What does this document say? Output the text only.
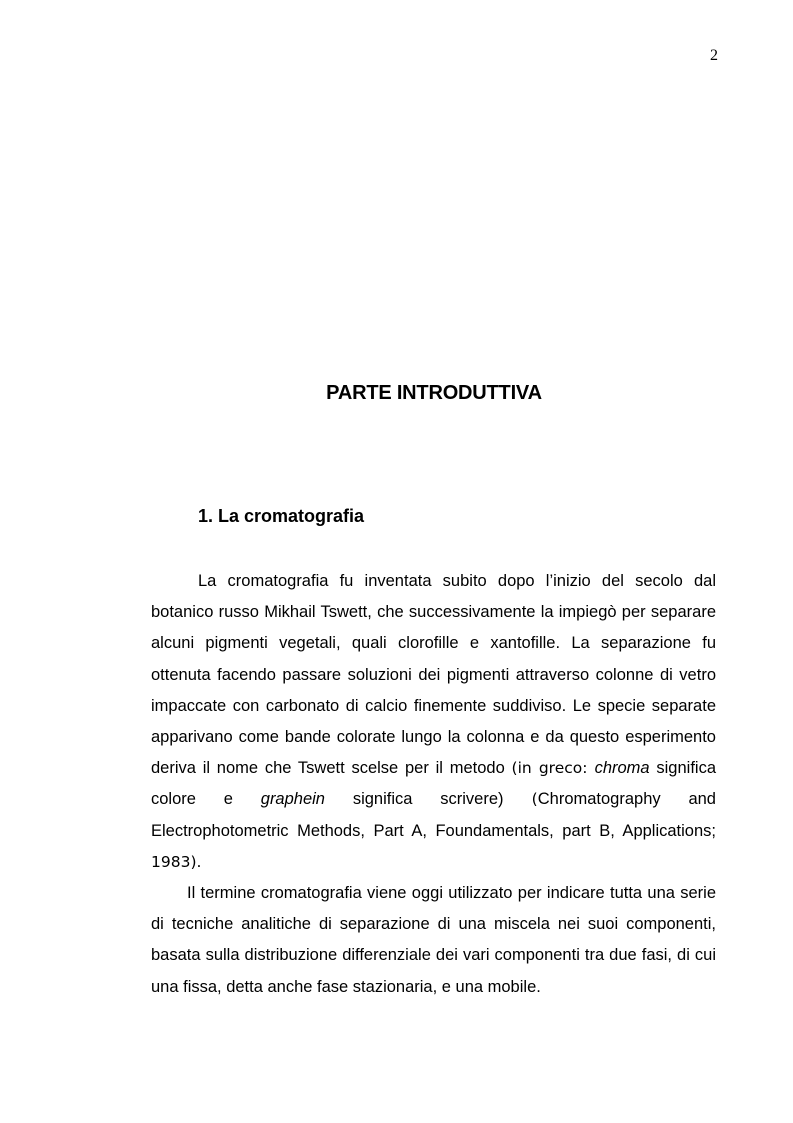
2
PARTE INTRODUTTIVA
1. La cromatografia

La cromatografia fu inventata subito dopo l’inizio del secolo dal botanico russo Mikhail Tswett, che successivamente la impiegò per separare alcuni pigmenti vegetali, quali clorofille e xantofille. La separazione fu ottenuta facendo passare soluzioni dei pigmenti attraverso colonne di vetro impaccate con carbonato di calcio finemente suddiviso. Le specie separate apparivano come bande colorate lungo la colonna e da questo esperimento deriva il nome che Tswett scelse per il metodo (in greco: chroma significa colore e graphein significa scrivere) (Chromatography and Electrophotometric Methods, Part A, Foundamentals, part B, Applications; 1983).

Il termine cromatografia viene oggi utilizzato per indicare tutta una serie di tecniche analitiche di separazione di una miscela nei suoi componenti, basata sulla distribuzione differenziale dei vari componenti tra due fasi, di cui una fissa, detta anche fase stazionaria, e una mobile.
